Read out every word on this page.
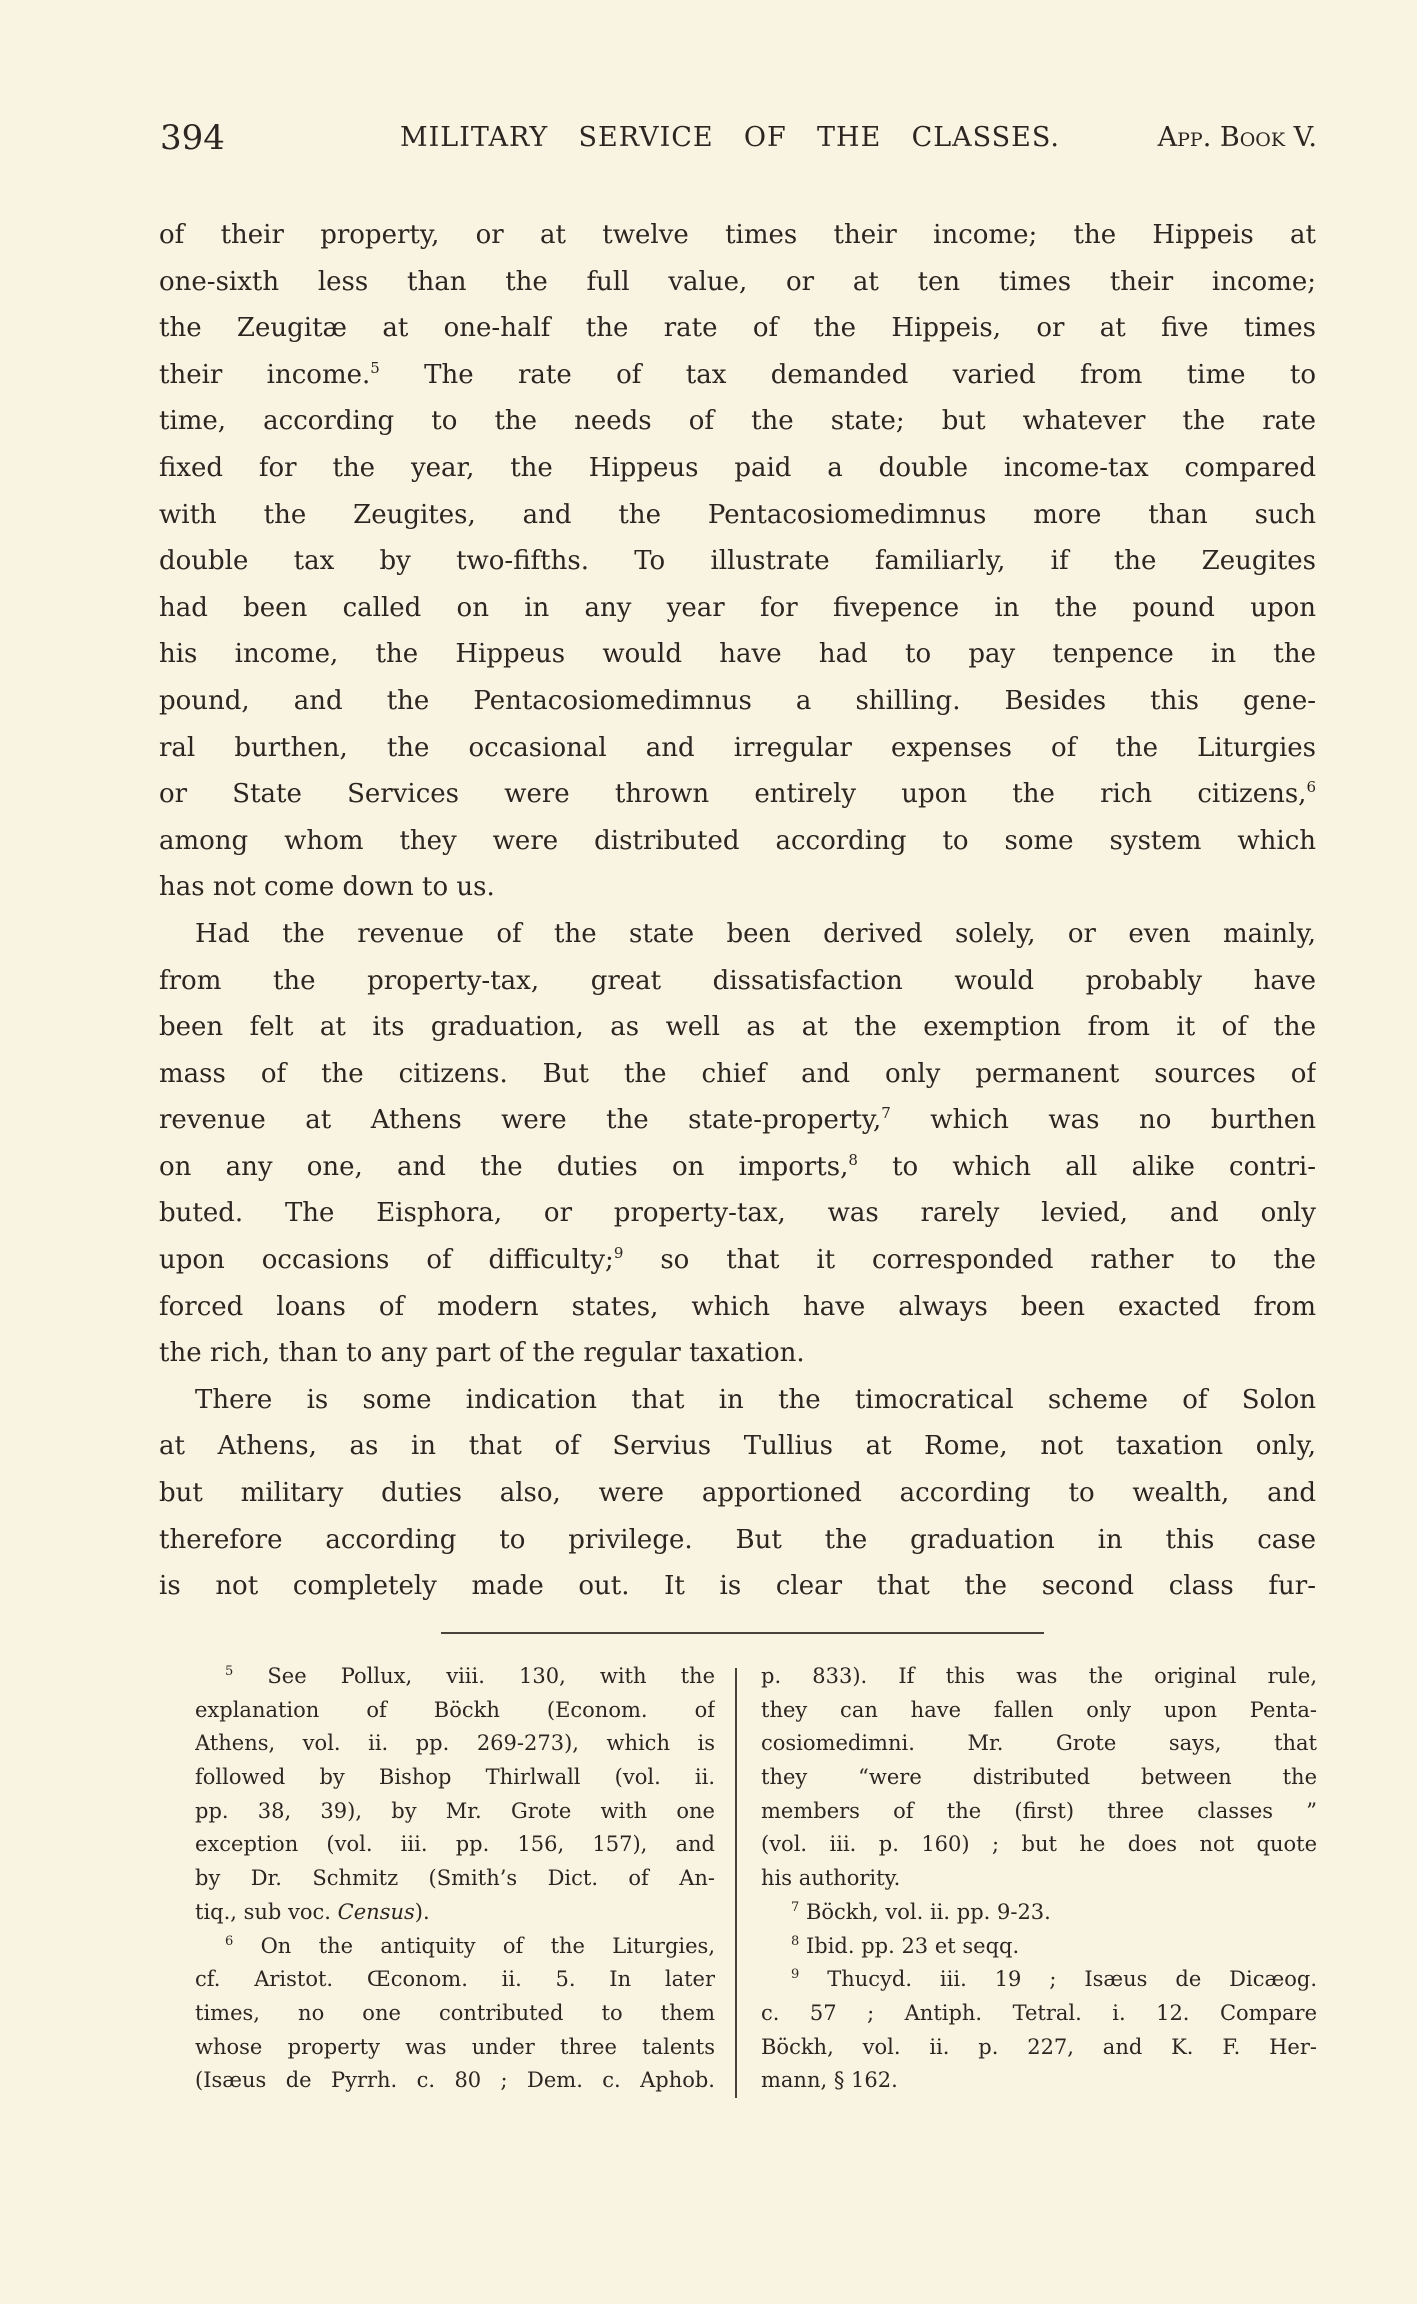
394	MILITARY SERVICE OF THE CLASSES.	App. Book V.
of their property, or at twelve times their income; the Hippeis at
one-sixth less than the full value, or at ten times their income;
the Zeugitæ at one-half the rate of the Hippeis, or at five times
their income.$^5$ The rate of tax demanded varied from time to
time, according to the needs of the state; but whatever the rate
fixed for the year, the Hippeus paid a double income-tax compared
with the Zeugites, and the Pentacosiomedimnus more than such
double tax by two-fifths. To illustrate familiarly, if the Zeugites
had been called on in any year for fivepence in the pound upon
his income, the Hippeus would have had to pay tenpence in the
pound, and the Pentacosiomedimnus a shilling. Besides this gene-
ral burthen, the occasional and irregular expenses of the Liturgies
or State Services were thrown entirely upon the rich citizens,$^6$
among whom they were distributed according to some system which
has not come down to us.
Had the revenue of the state been derived solely, or even mainly,
from the property-tax, great dissatisfaction would probably have
been felt at its graduation, as well as at the exemption from it of the
mass of the citizens. But the chief and only permanent sources of
revenue at Athens were the state-property,$^7$ which was no burthen
on any one, and the duties on imports,$^8$ to which all alike contri-
buted. The Eisphora, or property-tax, was rarely levied, and only
upon occasions of difficulty;$^9$ so that it corresponded rather to the
forced loans of modern states, which have always been exacted from
the rich, than to any part of the regular taxation.
There is some indication that in the timocratical scheme of Solon
at Athens, as in that of Servius Tullius at Rome, not taxation only,
but military duties also, were apportioned according to wealth, and
therefore according to privilege. But the graduation in this case
is not completely made out. It is clear that the second class fur-
$^5$ See Pollux, viii. 130, with the
explanation of Böckh (Econom. of
Athens, vol. ii. pp. 269-273), which is
followed by Bishop Thirlwall (vol. ii.
pp. 38, 39), by Mr. Grote with one
exception (vol. iii. pp. 156, 157), and
by Dr. Schmitz (Smith’s Dict. of An-
tiq., sub voc. Census).
$^6$ On the antiquity of the Liturgies,
cf. Aristot. Œconom. ii. 5. In later
times, no one contributed to them
whose property was under three talents
(Isæus de Pyrrh. c. 80 ; Dem. c. Aphob.
p. 833). If this was the original rule,
they can have fallen only upon Penta-
cosiomedimni. Mr. Grote says, that
they “were distributed between the
members of the (first) three classes ”
(vol. iii. p. 160) ; but he does not quote
his authority.
$^7$ Böckh, vol. ii. pp. 9-23.
$^8$ Ibid. pp. 23 et seqq.
$^9$ Thucyd. iii. 19 ; Isæus de Dicæog.
c. 57 ; Antiph. Tetral. i. 12. Compare
Böckh, vol. ii. p. 227, and K. F. Her-
mann, § 162.
